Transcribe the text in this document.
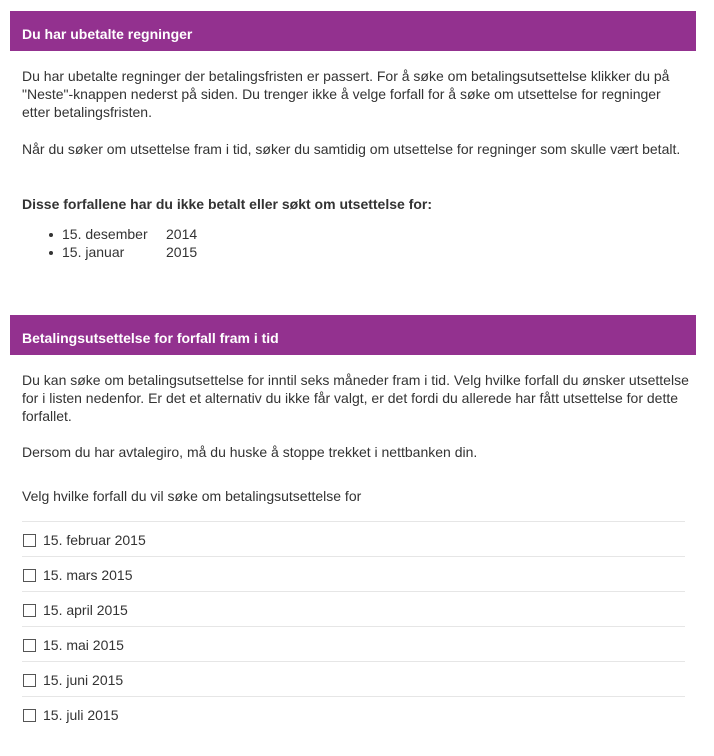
Du har ubetalte regninger

Du har ubetalte regninger der betalingsfristen er passert. For å søke om betalingsutsettelse klikker du på "Neste"-knappen nederst på siden. Du trenger ikke å velge forfall for å søke om utsettelse for regninger etter betalingsfristen.

Når du søker om utsettelse fram i tid, søker du samtidig om utsettelse for regninger som skulle vært betalt.

Disse forfallene har du ikke betalt eller søkt om utsettelse for:

15. desember 2014
15. januar	2015
Betalingsutsettelse for forfall fram i tid

Du kan søke om betalingsutsettelse for inntil seks måneder fram i tid. Velg hvilke forfall du ønsker utsettelse for i listen nedenfor. Er det et alternativ du ikke får valgt, er det fordi du allerede har fått utsettelse for dette forfallet.

Dersom du har avtalegiro, må du huske å stoppe trekket i nettbanken din.

Velg hvilke forfall du vil søke om betalingsutsettelse for

15. februar 2015
15. mars 2015
15. april 2015
15. mai 2015
15. juni 2015
15. juli 2015
